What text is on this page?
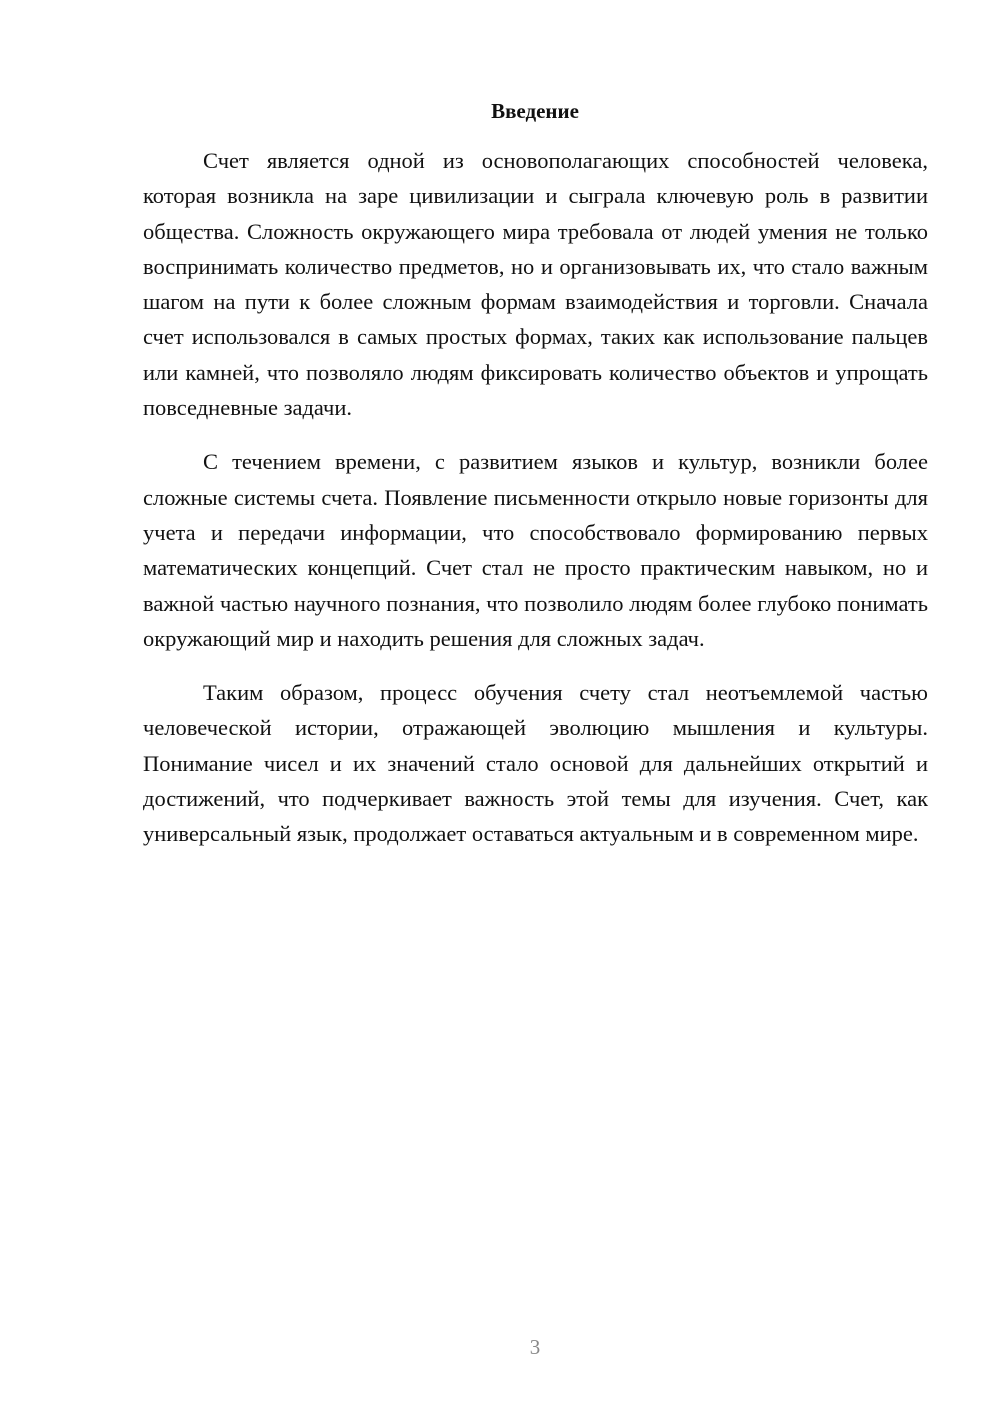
Введение

Счет является одной из основополагающих способностей человека, которая возникла на заре цивилизации и сыграла ключевую роль в развитии общества. Сложность окружающего мира требовала от людей умения не только воспринимать количество предметов, но и организовывать их, что стало важным шагом на пути к более сложным формам взаимодействия и торговли. Сначала счет использовался в самых простых формах, таких как использование пальцев или камней, что позволяло людям фиксировать количество объектов и упрощать повседневные задачи.

С течением времени, с развитием языков и культур, возникли более сложные системы счета. Появление письменности открыло новые горизонты для учета и передачи информации, что способствовало формированию первых математических концепций. Счет стал не просто практическим навыком, но и важной частью научного познания, что позволило людям более глубоко понимать окружающий мир и находить решения для сложных задач.

Таким образом, процесс обучения счету стал неотъемлемой частью человеческой истории, отражающей эволюцию мышления и культуры. Понимание чисел и их значений стало основой для дальнейших открытий и достижений, что подчеркивает важность этой темы для изучения. Счет, как универсальный язык, продолжает оставаться актуальным и в современном мире.

3
